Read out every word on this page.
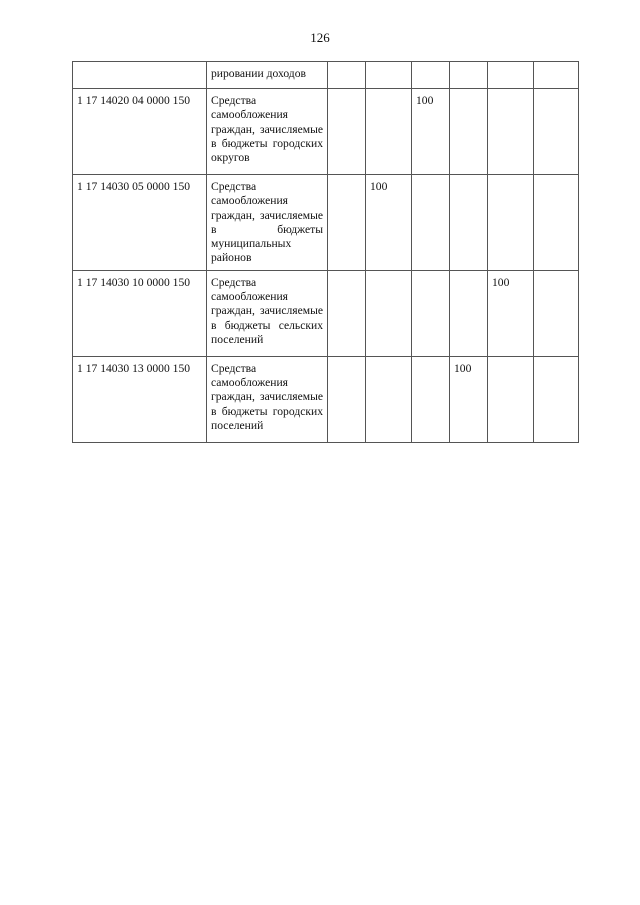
126
	рировании доходов						
1 17 14020 04 0000 150	Средства самообложения граждан, зачисляемые в бюджеты городских округов			100			
1 17 14030 05 0000 150	Средства самообложения граждан, зачисляемые в бюджеты муниципальных районов		100				
1 17 14030 10 0000 150	Средства самообложения граждан, зачисляемые в бюджеты сельских поселений					100	
1 17 14030 13 0000 150	Средства самообложения граждан, зачисляемые в бюджеты городских поселений				100		
